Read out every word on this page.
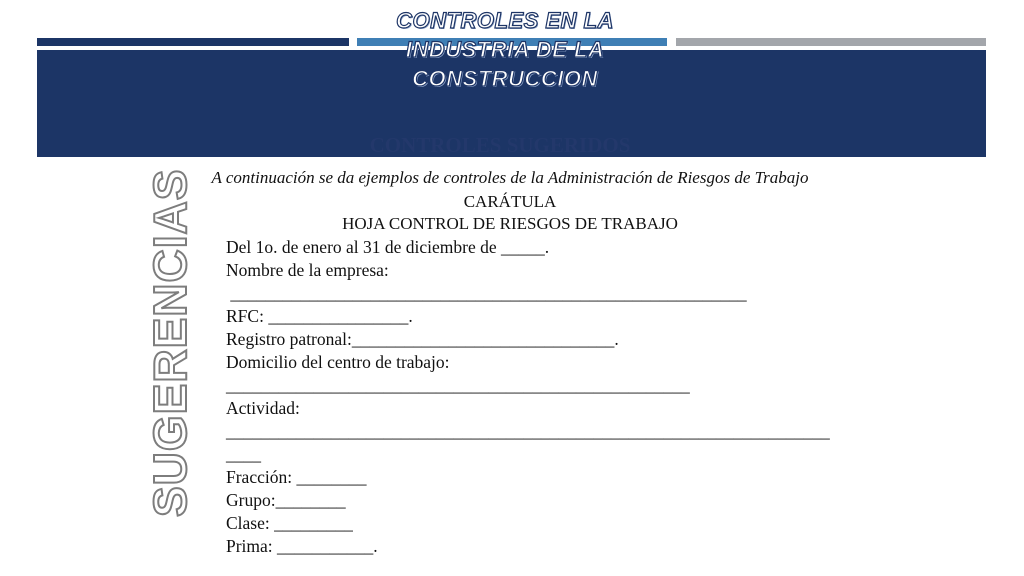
CONTROLES EN LA INDUSTRIA DE LA CONSTRUCCION
CONTROLES SUGERIDOS
SUGERENCIAS A continuación se da ejemplos de controles de la Administración de Riesgos de Trabajo

CARÁTULA

HOJA CONTROL DE RIESGOS DE TRABAJO

Del 1o. de enero al 31 de diciembre de _____.
Nombre de la empresa:
___________________________________________________________
RFC: ________________.
Registro patronal:______________________________.
Domicilio del centro de trabajo:
_____________________________________________________
Actividad:
_____________________________________________________________________
____
Fracción: ________
Grupo:________
Clase: _________
Prima: ___________.
